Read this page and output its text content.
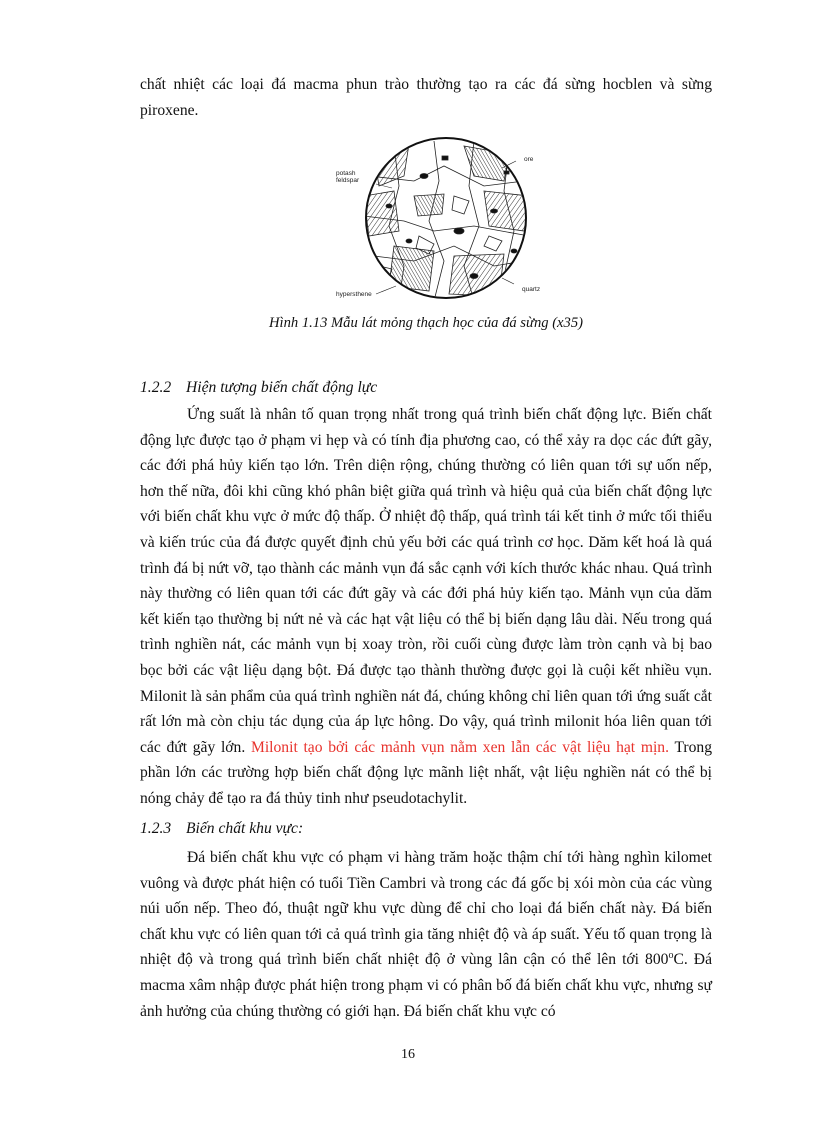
chất nhiệt các loại đá macma phun trào thường tạo ra các đá sừng hocblen và sừng piroxene.

potash
feldspar
ore
hypersthene
quartz

Hình 1.13 Mẫu lát mỏng thạch học của đá sừng (x35)

1.2.2 Hiện tượng biến chất động lực

Ứng suất là nhân tố quan trọng nhất trong quá trình biến chất động lực. Biến chất động lực được tạo ở phạm vi hẹp và có tính địa phương cao, có thể xảy ra dọc các đứt gãy, các đới phá hủy kiến tạo lớn. Trên diện rộng, chúng thường có liên quan tới sự uốn nếp, hơn thế nữa, đôi khi cũng khó phân biệt giữa quá trình và hiệu quả của biến chất động lực với biến chất khu vực ở mức độ thấp. Ở nhiệt độ thấp, quá trình tái kết tinh ở mức tối thiểu và kiến trúc của đá được quyết định chủ yếu bởi các quá trình cơ học. Dăm kết hoá là quá trình đá bị nứt vỡ, tạo thành các mảnh vụn đá sắc cạnh với kích thước khác nhau. Quá trình này thường có liên quan tới các đứt gãy và các đới phá hủy kiến tạo. Mảnh vụn của dăm kết kiến tạo thường bị nứt nẻ và các hạt vật liệu có thể bị biến dạng lâu dài. Nếu trong quá trình nghiền nát, các mảnh vụn bị xoay tròn, rồi cuối cùng được làm tròn cạnh và bị bao bọc bởi các vật liệu dạng bột. Đá được tạo thành thường được gọi là cuội kết nhiều vụn. Milonit là sản phẩm của quá trình nghiền nát đá, chúng không chỉ liên quan tới ứng suất cắt rất lớn mà còn chịu tác dụng của áp lực hông. Do vậy, quá trình milonit hóa liên quan tới các đứt gãy lớn. Milonit tạo bởi các mảnh vụn nằm xen lẫn các vật liệu hạt mịn. Trong phần lớn các trường hợp biến chất động lực mãnh liệt nhất, vật liệu nghiền nát có thể bị nóng chảy để tạo ra đá thủy tinh như pseudotachylit.

1.2.3 Biến chất khu vực:

Đá biến chất khu vực có phạm vi hàng trăm hoặc thậm chí tới hàng nghìn kilomet vuông và được phát hiện có tuổi Tiền Cambri và trong các đá gốc bị xói mòn của các vùng núi uốn nếp. Theo đó, thuật ngữ khu vực dùng để chỉ cho loại đá biến chất này. Đá biến chất khu vực có liên quan tới cả quá trình gia tăng nhiệt độ và áp suất. Yếu tố quan trọng là nhiệt độ và trong quá trình biến chất nhiệt độ ở vùng lân cận có thể lên tới 800$^o$C. Đá macma xâm nhập được phát hiện trong phạm vi có phân bố đá biến chất khu vực, nhưng sự ảnh hưởng của chúng thường có giới hạn. Đá biến chất khu vực có

16
